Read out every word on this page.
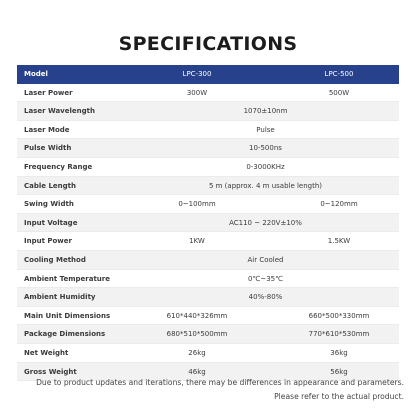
SPECIFICATIONS
Model	LPC-300	LPC-500
Laser Power	300W	500W
Laser Wavelength	1070±10nm
Laser Mode	Pulse
Pulse Width	10-500ns
Frequency Range	0-3000KHz
Cable Length	5 m (approx. 4 m usable length)
Swing Width	0~100mm	0~120mm
Input Voltage	AC110 ~ 220V±10%
Input Power	1KW	1.5KW
Cooling Method	Air Cooled
Ambient Temperature	0℃~35℃
Ambient Humidity	40%-80%
Main Unit Dimensions	610*440*326mm	660*500*330mm
Package Dimensions	680*510*500mm	770*610*530mm
Net Weight	26kg	36kg
Gross Weight	46kg	56kg
Due to product updates and iterations, there may be differences in appearance and parameters.
Please refer to the actual product.
